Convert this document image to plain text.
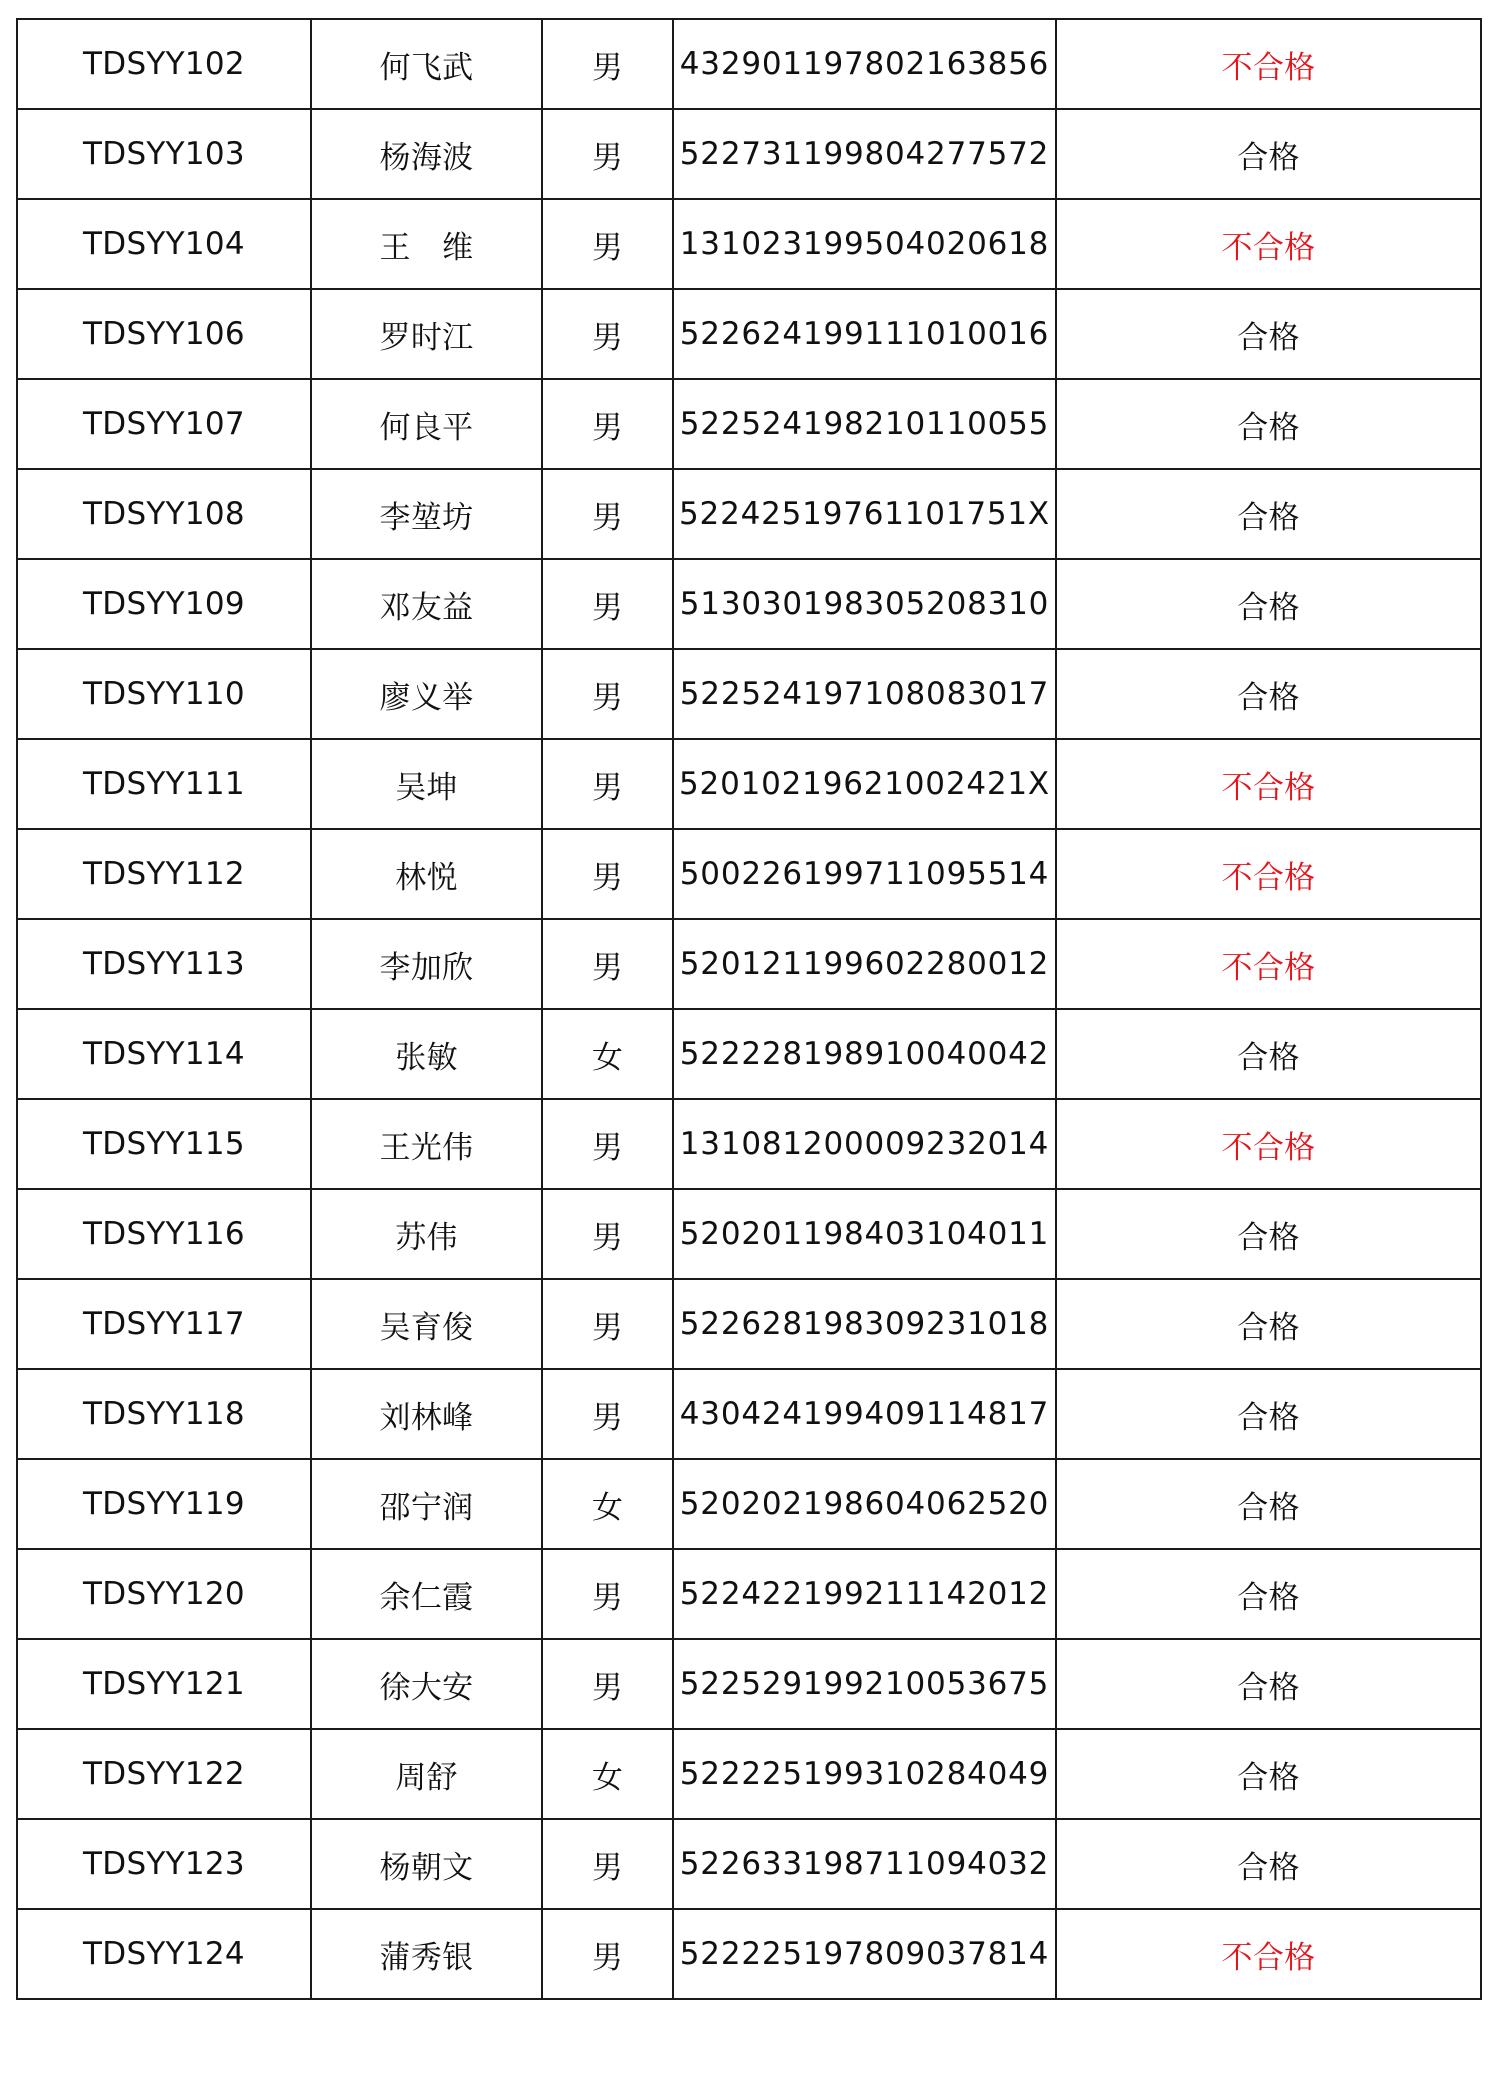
TDSYY102	何飞武	男	432901197802163856	不合格
TDSYY103	杨海波	男	522731199804277572	合格
TDSYY104	王　维	男	131023199504020618	不合格
TDSYY106	罗时江	男	522624199111010016	合格
TDSYY107	何良平	男	522524198210110055	合格
TDSYY108	李堃坊	男	52242519761101751X	合格
TDSYY109	邓友益	男	513030198305208310	合格
TDSYY110	廖义举	男	522524197108083017	合格
TDSYY111	吴坤	男	52010219621002421X	不合格
TDSYY112	林悦	男	500226199711095514	不合格
TDSYY113	李加欣	男	520121199602280012	不合格
TDSYY114	张敏	女	522228198910040042	合格
TDSYY115	王光伟	男	131081200009232014	不合格
TDSYY116	苏伟	男	520201198403104011	合格
TDSYY117	吴育俊	男	522628198309231018	合格
TDSYY118	刘林峰	男	430424199409114817	合格
TDSYY119	邵宁润	女	520202198604062520	合格
TDSYY120	余仁霞	男	522422199211142012	合格
TDSYY121	徐大安	男	522529199210053675	合格
TDSYY122	周舒	女	522225199310284049	合格
TDSYY123	杨朝文	男	522633198711094032	合格
TDSYY124	蒲秀银	男	522225197809037814	不合格
